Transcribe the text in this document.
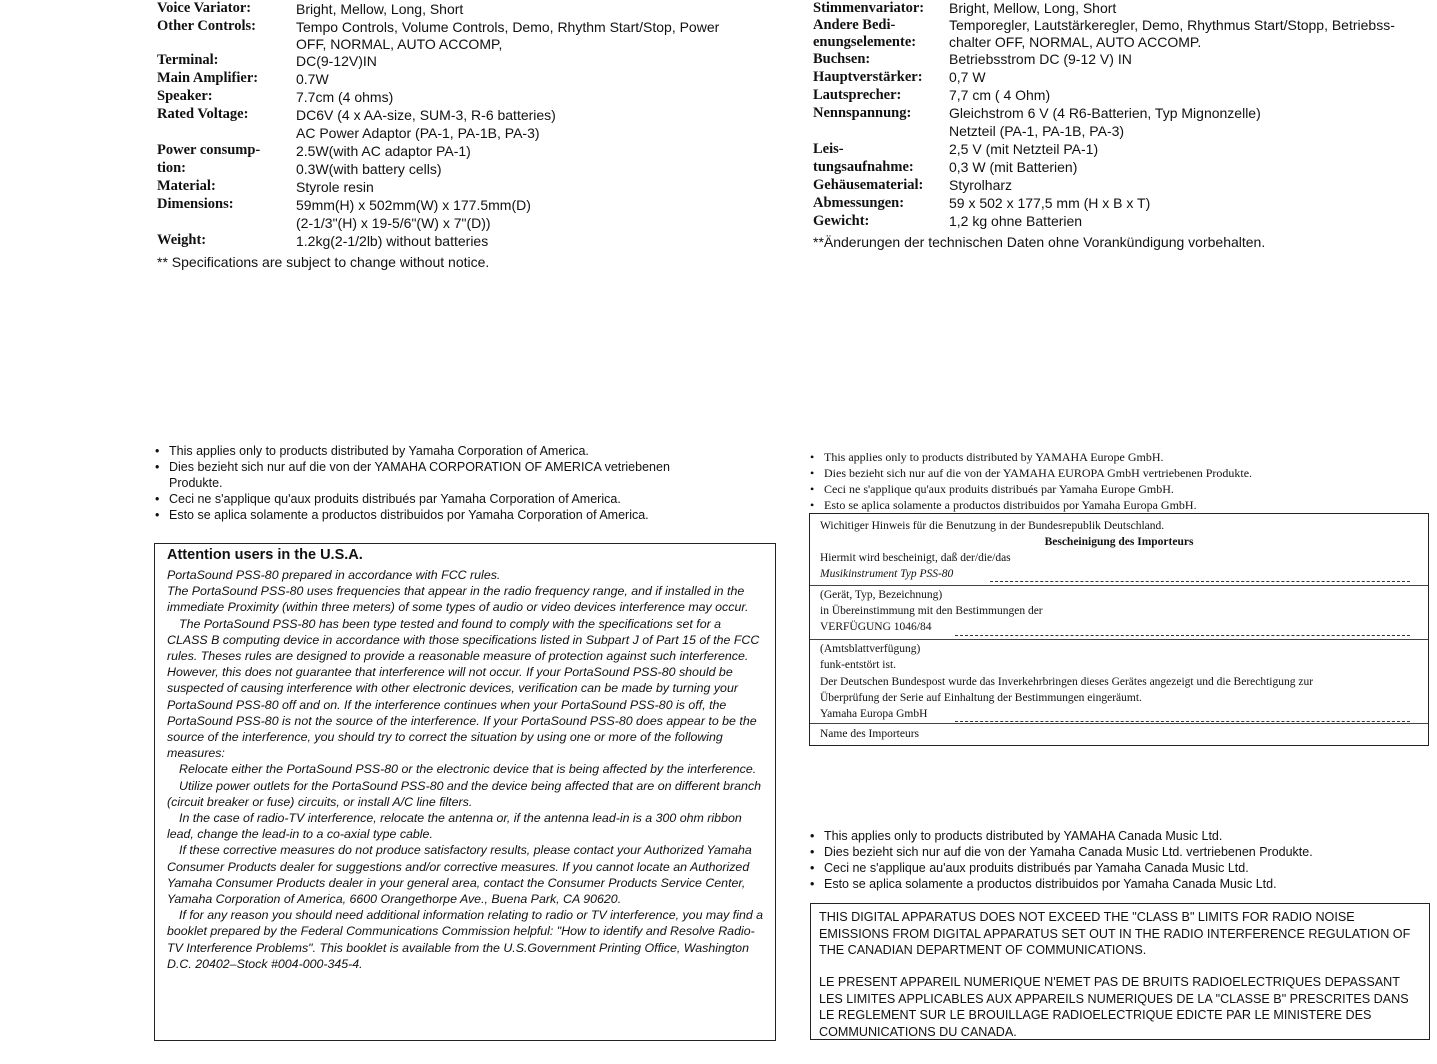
Voice Variator:	Bright, Mellow, Long, Short
Other Controls:	Tempo Controls, Volume Controls, Demo, Rhythm Start/Stop, Power
OFF, NORMAL, AUTO ACCOMP,
Terminal:	DC(9-12V)IN
Main Amplifier:	0.7W
Speaker:	7.7cm (4 ohms)
Rated Voltage:	DC6V (4 x AA-size, SUM-3, R-6 batteries)
AC Power Adaptor (PA-1, PA-1B, PA-3)
Power consump-	2.5W(with AC adaptor PA-1)
tion:	0.3W(with battery cells)
Material:	Styrole resin
Dimensions:	59mm(H) x 502mm(W) x 177.5mm(D)
(2-1/3"(H) x 19-5/6"(W) x 7"(D))
Weight:	1.2kg(2-1/2lb) without batteries
** Specifications are subject to change without notice.
Stimmenvariator: Bright, Mellow, Long, Short
Andere Bedi-	Temporegler, Lautstärkeregler, Demo, Rhythmus Start/Stopp, Betriebss-
enungselemente: chalter OFF, NORMAL, AUTO ACCOMP.
Buchsen:	Betriebsstrom DC (9-12 V) IN
Hauptverstärker: 0,7 W
Lautsprecher:	7,7 cm ( 4 Ohm)
Nennspannung:	Gleichstrom 6 V (4 R6-Batterien, Typ Mignonzelle)
Netzteil (PA-1, PA-1B, PA-3)
Leis-	2,5 V (mit Netzteil PA-1)
tungsaufnahme:	0,3 W (mit Batterien)
Gehäusematerial: Styrolharz
Abmessungen:	59 x 502 x 177,5 mm (H x B x T)
Gewicht:	1,2 kg ohne Batterien
**Änderungen der technischen Daten ohne Vorankündigung vorbehalten.
• This applies only to products distributed by Yamaha Corporation of America.
• Dies bezieht sich nur auf die von der YAMAHA CORPORATION OF AMERICA vetriebenen
Produkte.
• Ceci ne s'applique qu'aux produits distribués par Yamaha Corporation of America.
• Esto se aplica solamente a productos distribuidos por Yamaha Corporation of America.
Attention users in the U.S.A.

PortaSound PSS-80 prepared in accordance with FCC rules.

The PortaSound PSS-80 uses frequencies that appear in the radio frequency range, and if installed in the immediate Proximity (within three meters) of some types of audio or video devices interference may occur.

The PortaSound PSS-80 has been type tested and found to comply with the specifications set for a CLASS B computing device in accordance with those specifications listed in Subpart J of Part 15 of the FCC rules. Theses rules are designed to provide a reasonable measure of protection against such interference. However, this does not guarantee that interference will not occur. If your PortaSound PSS-80 should be suspected of causing interference with other electronic devices, verification can be made by turning your PortaSound PSS-80 off and on. If the interference continues when your PortaSound PSS-80 is off, the PortaSound PSS-80 is not the source of the interference. If your PortaSound PSS-80 does appear to be the source of the interference, you should try to correct the situation by using one or more of the following measures:

Relocate either the PortaSound PSS-80 or the electronic device that is being affected by the interference.

Utilize power outlets for the PortaSound PSS-80 and the device being affected that are on different branch (circuit breaker or fuse) circuits, or install A/C line filters.

In the case of radio-TV interference, relocate the antenna or, if the antenna lead-in is a 300 ohm ribbon lead, change the lead-in to a co-axial type cable.

If these corrective measures do not produce satisfactory results, please contact your Authorized Yamaha Consumer Products dealer for suggestions and/or corrective measures. If you cannot locate an Authorized Yamaha Consumer Products dealer in your general area, contact the Consumer Products Service Center, Yamaha Corporation of America, 6600 Orangethorpe Ave., Buena Park, CA 90620.

If for any reason you should need additional information relating to radio or TV interference, you may find a booklet prepared by the Federal Communications Commission helpful: "How to identify and Resolve Radio-TV Interference Problems". This booklet is available from the U.S.Government Printing Office, Washington D.C. 20402–Stock #004-000-345-4.

• This applies only to products distributed by YAMAHA Europe GmbH.
• Dies bezieht sich nur auf die von der YAMAHA EUROPA GmbH vertriebenen Produkte.
• Ceci ne s'applique qu'aux produits distribués par Yamaha Europe GmbH.
• Esto se aplica solamente a productos distribuidos por Yamaha Europa GmbH.
Wichitiger Hinweis für die Benutzung in der Bundesrepublik Deutschland.
Bescheinigung des Importeurs
Hiermit wird bescheinigt, daß der/die/das
Musikinstrument Typ PSS-80
(Gerät, Typ, Bezeichnung)
in Übereinstimmung mit den Bestimmungen der
VERFÜGUNG 1046/84
(Amtsblattverfügung)
funk-entstört ist.
Der Deutschen Bundespost wurde das Inverkehrbringen dieses Gerätes angezeigt und die Berechtigung zur
Überprüfung der Serie auf Einhaltung der Bestimmungen eingeräumt.
Yamaha Europa GmbH
Name des Importeurs
• This applies only to products distributed by YAMAHA Canada Music Ltd.
• Dies bezieht sich nur auf die von der Yamaha Canada Music Ltd. vertriebenen Produkte.
• Ceci ne s'applique au'aux produits distribués par Yamaha Canada Music Ltd.
• Esto se aplica solamente a productos distribuidos por Yamaha Canada Music Ltd.

THIS DIGITAL APPARATUS DOES NOT EXCEED THE "CLASS B" LIMITS FOR RADIO NOISE EMISSIONS FROM DIGITAL APPARATUS SET OUT IN THE RADIO INTERFERENCE REGULATION OF THE CANADIAN DEPARTMENT OF COMMUNICATIONS.

LE PRESENT APPAREIL NUMERIQUE N'EMET PAS DE BRUITS RADIOELECTRIQUES DEPASSANT LES LIMITES APPLICABLES AUX APPAREILS NUMERIQUES DE LA "CLASSE B" PRESCRITES DANS LE REGLEMENT SUR LE BROUILLAGE RADIOELECTRIQUE EDICTE PAR LE MINISTERE DES COMMUNICATIONS DU CANADA.
